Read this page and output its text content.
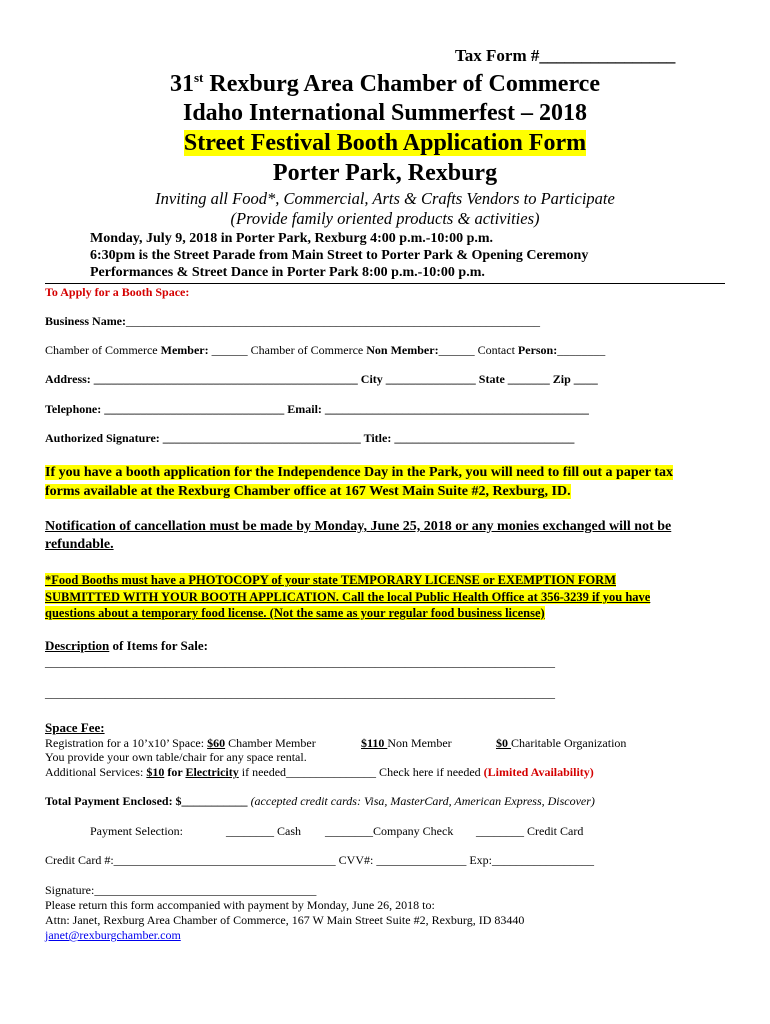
Tax Form #________________
31st Rexburg Area Chamber of Commerce
Idaho International Summerfest – 2018
Street Festival Booth Application Form
Porter Park, Rexburg
Inviting all Food*, Commercial, Arts & Crafts Vendors to Participate
(Provide family oriented products & activities)
Monday, July 9, 2018 in Porter Park, Rexburg 4:00 p.m.-10:00 p.m.
6:30pm is the Street Parade from Main Street to Porter Park & Opening Ceremony
Performances & Street Dance in Porter Park 8:00 p.m.-10:00 p.m.
To Apply for a Booth Space:
Business Name:_____________________________________________________________________
Chamber of Commerce Member: ______ Chamber of Commerce Non Member:______ Contact Person:________
Address: ____________________________________________ City _______________ State _______ Zip ____
Telephone: ______________________________ Email: ____________________________________________
Authorized Signature: _________________________________ Title: ______________________________
If you have a booth application for the Independence Day in the Park, you will need to fill out a paper tax
forms available at the Rexburg Chamber office at 167 West Main Suite #2, Rexburg, ID.
Notification of cancellation must be made by Monday, June 25, 2018 or any monies exchanged will not be
refundable.
*Food Booths must have a PHOTOCOPY of your state TEMPORARY LICENSE or EXEMPTION FORM
SUBMITTED WITH YOUR BOOTH APPLICATION. Call the local Public Health Office at 356-3239 if you have
questions about a temporary food license. (Not the same as your regular food business license)
Description of Items for Sale:
_____________________________________________________________________________________
_____________________________________________________________________________________
Space Fee:
Registration for a 10’x10’ Space: $60 Chamber Member	$110 Non Member	$0 Charitable Organization
You provide your own table/chair for any space rental.
Additional Services: $10 for Electricity if needed_______________ Check here if needed (Limited Availability)
Total Payment Enclosed: $___________ (accepted credit cards: Visa, MasterCard, American Express, Discover)
Payment Selection:	________ Cash ________Company Check ________ Credit Card
Credit Card #:_____________________________________ CVV#: _______________ Exp:_________________
Signature:_____________________________________
Please return this form accompanied with payment by Monday, June 26, 2018 to:
Attn: Janet, Rexburg Area Chamber of Commerce, 167 W Main Street Suite #2, Rexburg, ID 83440
janet@rexburgchamber.com
